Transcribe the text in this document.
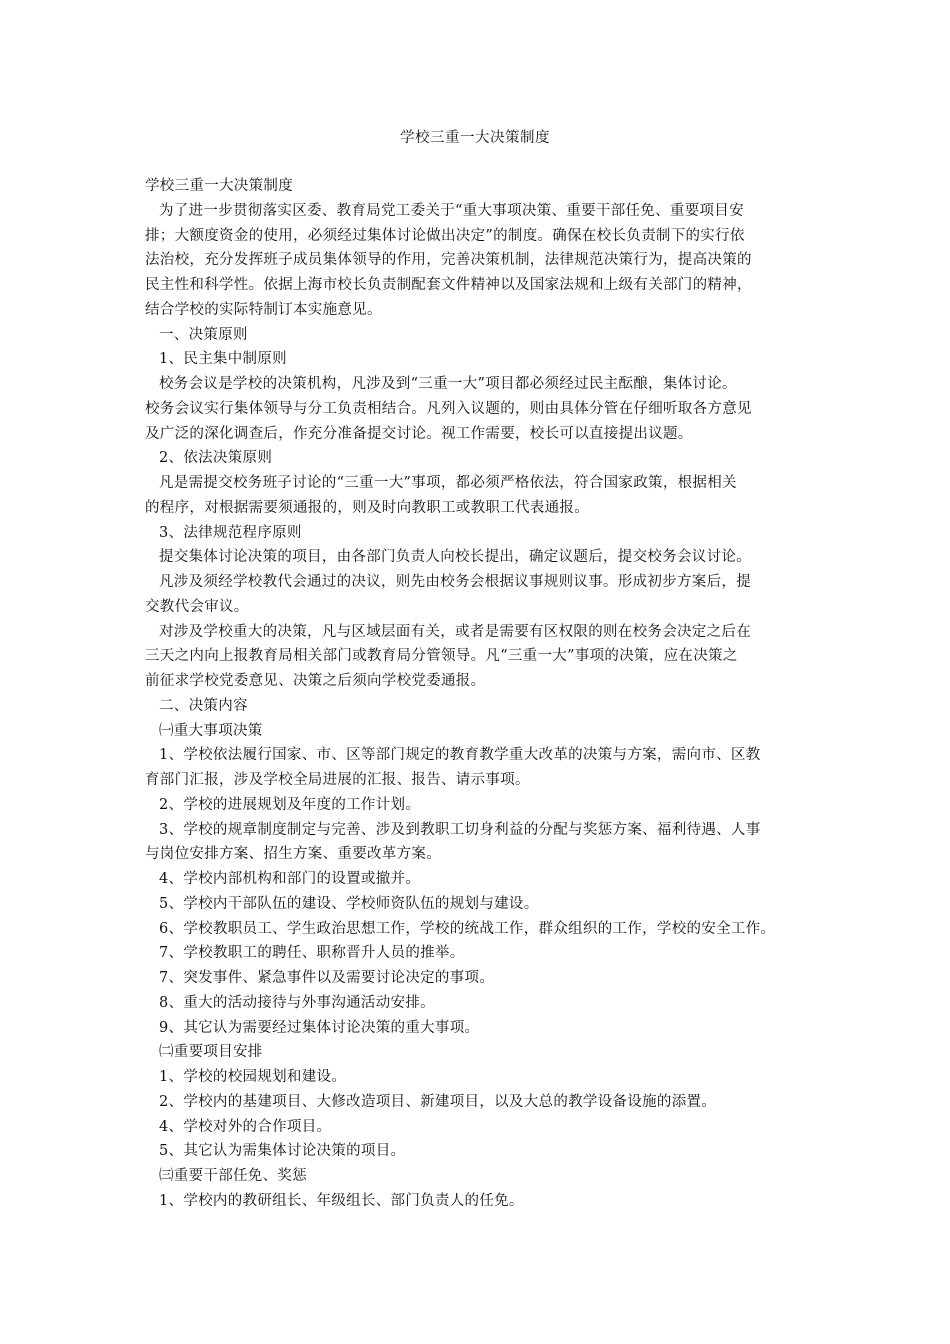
学校三重一大决策制度
学校三重一大决策制度
为了进一步贯彻落实区委、教育局党工委关于“重大事项决策、重要干部任免、重要项目安
排；大额度资金的使用，必须经过集体讨论做出决定”的制度。确保在校长负责制下的实行依
法治校，充分发挥班子成员集体领导的作用，完善决策机制，法律规范决策行为，提高决策的
民主性和科学性。依据上海市校长负责制配套文件精神以及国家法规和上级有关部门的精神，
结合学校的实际特制订本实施意见。
一、决策原则
1、民主集中制原则
校务会议是学校的决策机构，凡涉及到“三重一大”项目都必须经过民主酝酿，集体讨论。
校务会议实行集体领导与分工负责相结合。凡列入议题的，则由具体分管在仔细听取各方意见
及广泛的深化调查后，作充分准备提交讨论。视工作需要，校长可以直接提出议题。
2、依法决策原则
凡是需提交校务班子讨论的“三重一大”事项，都必须严格依法，符合国家政策，根据相关
的程序，对根据需要须通报的，则及时向教职工或教职工代表通报。
3、法律规范程序原则
提交集体讨论决策的项目，由各部门负责人向校长提出，确定议题后，提交校务会议讨论。
凡涉及须经学校教代会通过的决议，则先由校务会根据议事规则议事。形成初步方案后，提
交教代会审议。
对涉及学校重大的决策，凡与区域层面有关，或者是需要有区权限的则在校务会决定之后在
三天之内向上报教育局相关部门或教育局分管领导。凡“三重一大”事项的决策，应在决策之
前征求学校党委意见、决策之后须向学校党委通报。
二、决策内容
㈠重大事项决策
1、学校依法履行国家、市、区等部门规定的教育教学重大改革的决策与方案，需向市、区教
育部门汇报，涉及学校全局进展的汇报、报告、请示事项。
2、学校的进展规划及年度的工作计划。
3、学校的规章制度制定与完善、涉及到教职工切身利益的分配与奖惩方案、福利待遇、人事
与岗位安排方案、招生方案、重要改革方案。
4、学校内部机构和部门的设置或撤并。
5、学校内干部队伍的建设、学校师资队伍的规划与建设。
6、学校教职员工、学生政治思想工作，学校的统战工作，群众组织的工作，学校的安全工作。
7、学校教职工的聘任、职称晋升人员的推举。
7、突发事件、紧急事件以及需要讨论决定的事项。
8、重大的活动接待与外事沟通活动安排。
9、其它认为需要经过集体讨论决策的重大事项。
㈡重要项目安排
1、学校的校园规划和建设。
2、学校内的基建项目、大修改造项目、新建项目，以及大总的教学设备设施的添置。
4、学校对外的合作项目。
5、其它认为需集体讨论决策的项目。
㈢重要干部任免、奖惩
1、学校内的教研组长、年级组长、部门负责人的任免。
